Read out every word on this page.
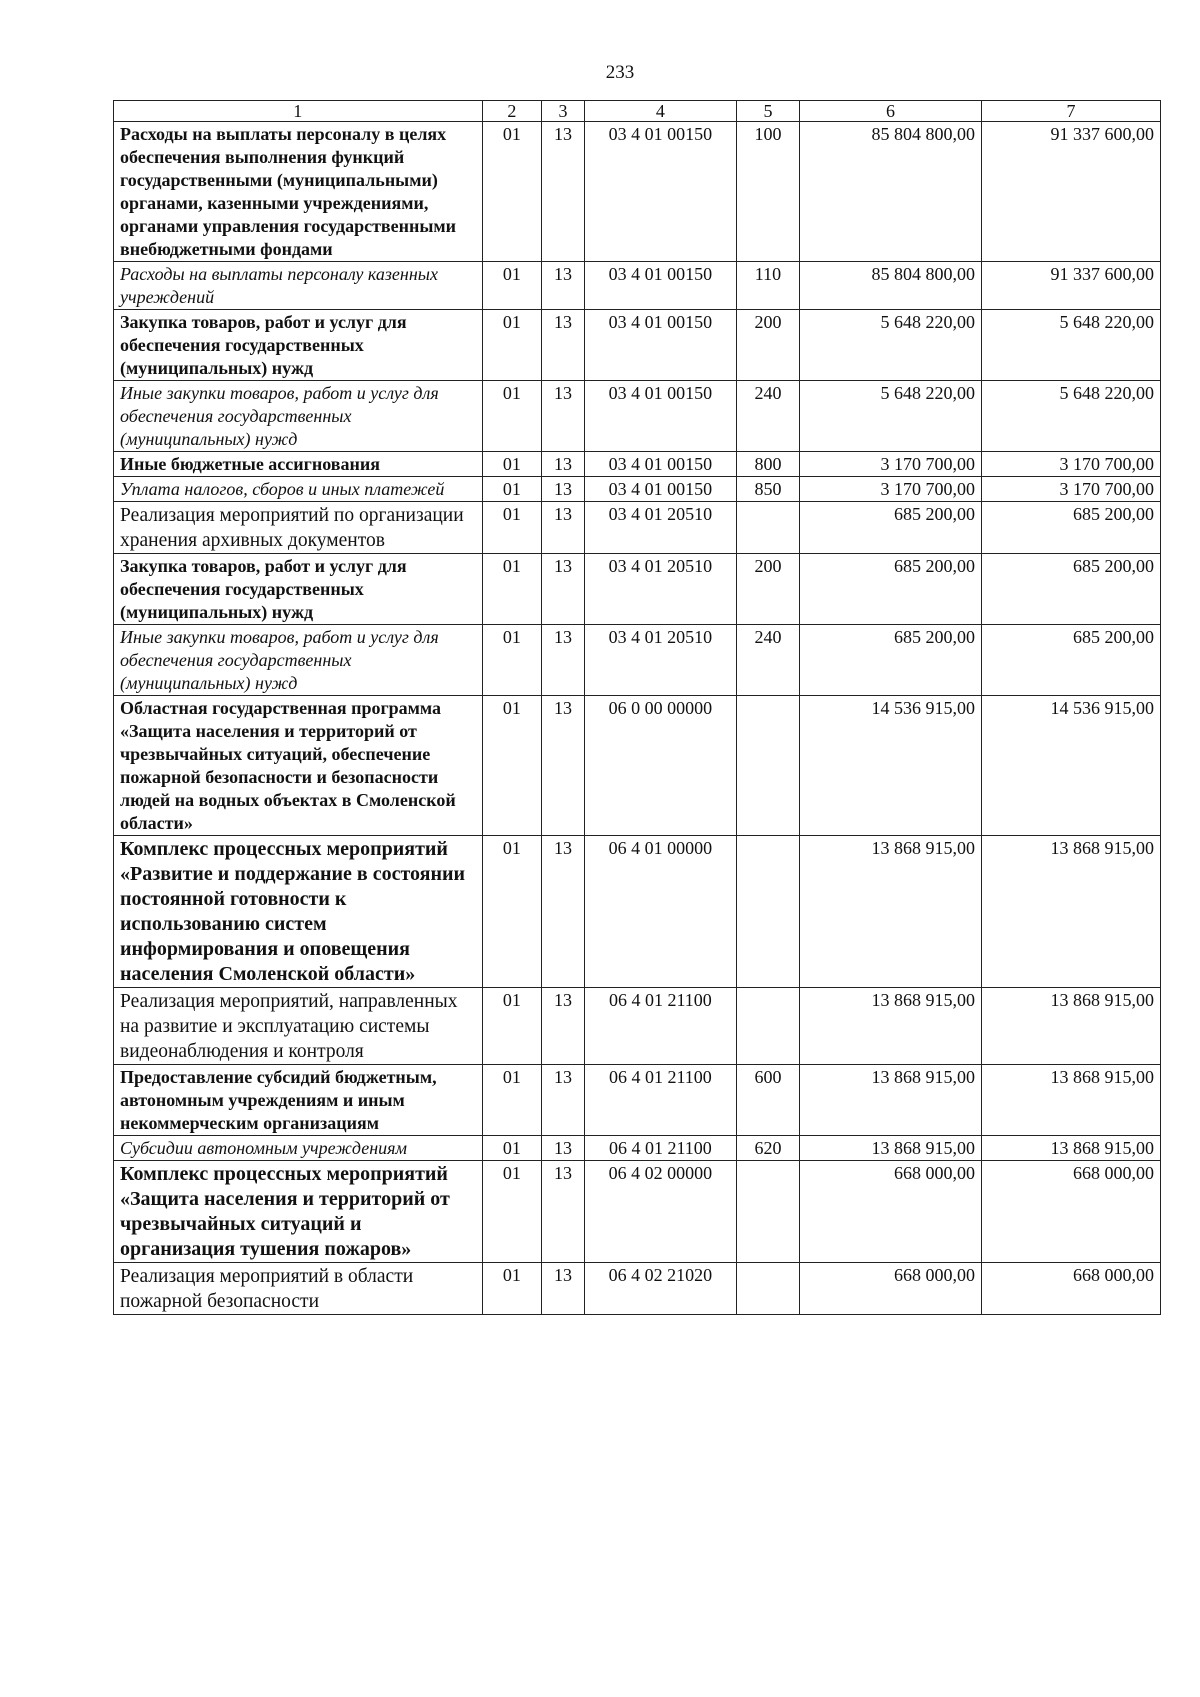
233
1	2	3	4	5	6	7
Расходы на выплаты персоналу в целях обеспечения выполнения функций государственными (муниципальными) органами, казенными учреждениями, органами управления государственными внебюджетными фондами	01	13	03 4 01 00150	100	85 804 800,00	91 337 600,00
Расходы на выплаты персоналу казенных учреждений	01	13	03 4 01 00150	110	85 804 800,00	91 337 600,00
Закупка товаров, работ и услуг для обеспечения государственных (муниципальных) нужд	01	13	03 4 01 00150	200	5 648 220,00	5 648 220,00
Иные закупки товаров, работ и услуг для обеспечения государственных (муниципальных) нужд	01	13	03 4 01 00150	240	5 648 220,00	5 648 220,00
Иные бюджетные ассигнования	01	13	03 4 01 00150	800	3 170 700,00	3 170 700,00
Уплата налогов, сборов и иных платежей	01	13	03 4 01 00150	850	3 170 700,00	3 170 700,00
Реализация мероприятий по организации хранения архивных документов	01	13	03 4 01 20510		685 200,00	685 200,00
Закупка товаров, работ и услуг для обеспечения государственных (муниципальных) нужд	01	13	03 4 01 20510	200	685 200,00	685 200,00
Иные закупки товаров, работ и услуг для обеспечения государственных (муниципальных) нужд	01	13	03 4 01 20510	240	685 200,00	685 200,00
Областная государственная программа «Защита населения и территорий от чрезвычайных ситуаций, обеспечение пожарной безопасности и безопасности людей на водных объектах в Смоленской области»	01	13	06 0 00 00000		14 536 915,00	14 536 915,00
Комплекс процессных мероприятий «Развитие и поддержание в состоянии постоянной готовности к использованию систем информирования и оповещения населения Смоленской области»	01	13	06 4 01 00000		13 868 915,00	13 868 915,00
Реализация мероприятий, направленных на развитие и эксплуатацию системы видеонаблюдения и контроля	01	13	06 4 01 21100		13 868 915,00	13 868 915,00
Предоставление субсидий бюджетным, автономным учреждениям и иным некоммерческим организациям	01	13	06 4 01 21100	600	13 868 915,00	13 868 915,00
Субсидии автономным учреждениям	01	13	06 4 01 21100	620	13 868 915,00	13 868 915,00
Комплекс процессных мероприятий «Защита населения и территорий от чрезвычайных ситуаций и организация тушения пожаров»	01	13	06 4 02 00000		668 000,00	668 000,00
Реализация мероприятий в области пожарной безопасности	01	13	06 4 02 21020		668 000,00	668 000,00
